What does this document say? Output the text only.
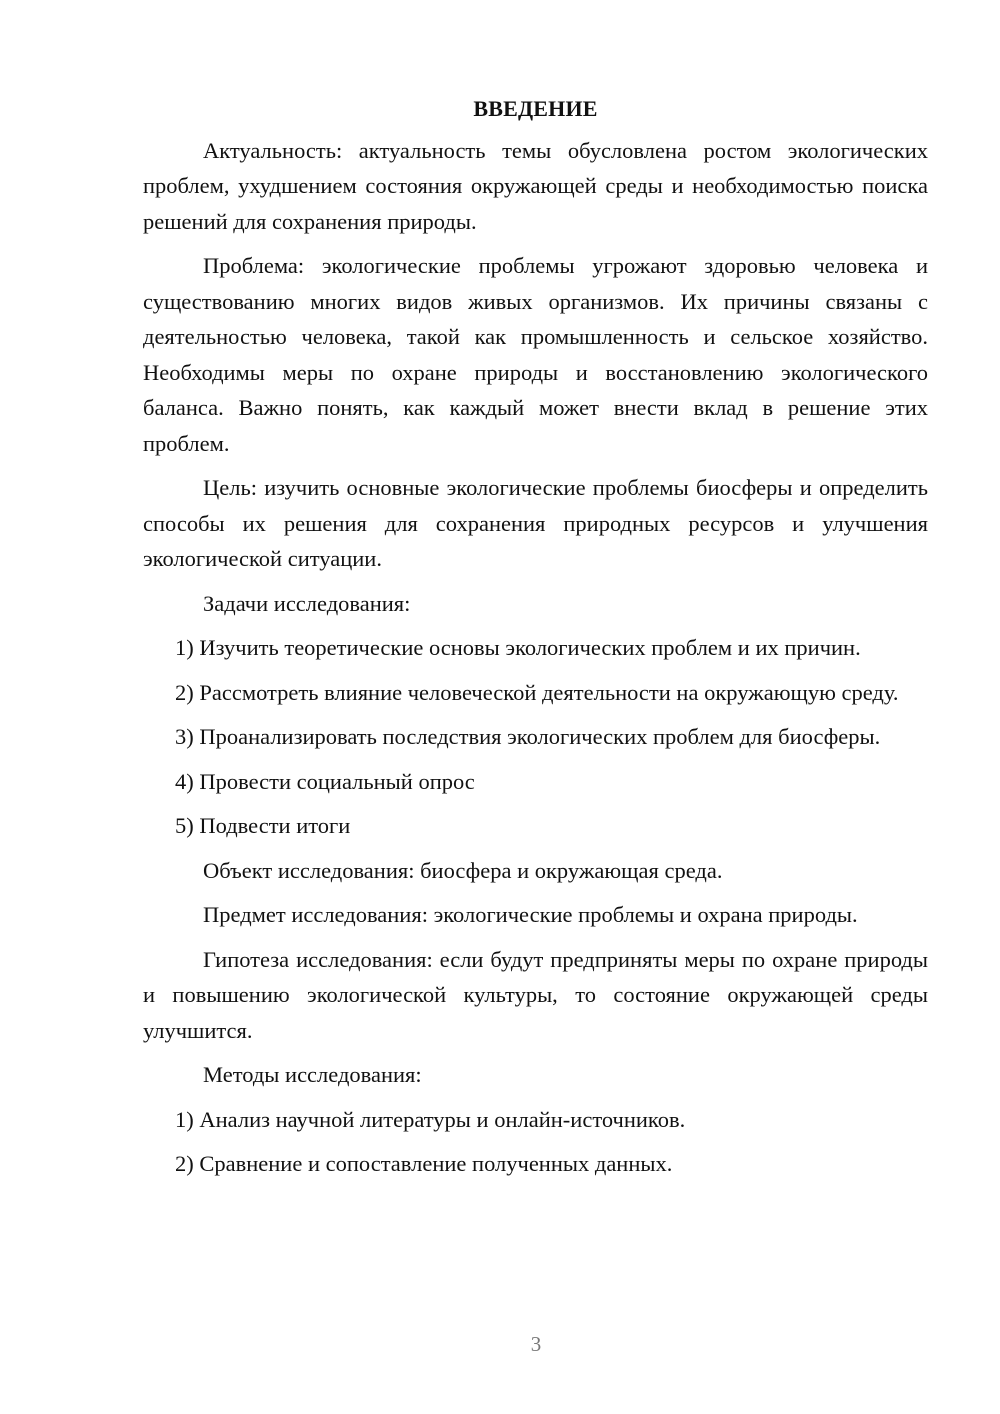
ВВЕДЕНИЕ

Актуальность: актуальность темы обусловлена ростом экологических проблем, ухудшением состояния окружающей среды и необходимостью поиска решений для сохранения природы.

Проблема: экологические проблемы угрожают здоровью человека и существованию многих видов живых организмов. Их причины связаны с деятельностью человека, такой как промышленность и сельское хозяйство. Необходимы меры по охране природы и восстановлению экологического баланса. Важно понять, как каждый может внести вклад в решение этих проблем.

Цель: изучить основные экологические проблемы биосферы и определить способы их решения для сохранения природных ресурсов и улучшения экологической ситуации.

Задачи исследования:

1) Изучить теоретические основы экологических проблем и их причин.

2) Рассмотреть влияние человеческой деятельности на окружающую среду.

3) Проанализировать последствия экологических проблем для биосферы.

4) Провести социальный опрос

5) Подвести итоги

Объект исследования: биосфера и окружающая среда.

Предмет исследования: экологические проблемы и охрана природы.

Гипотеза исследования: если будут предприняты меры по охране природы и повышению экологической культуры, то состояние окружающей среды улучшится.

Методы исследования:

1) Анализ научной литературы и онлайн-источников.

2) Сравнение и сопоставление полученных данных.

3
